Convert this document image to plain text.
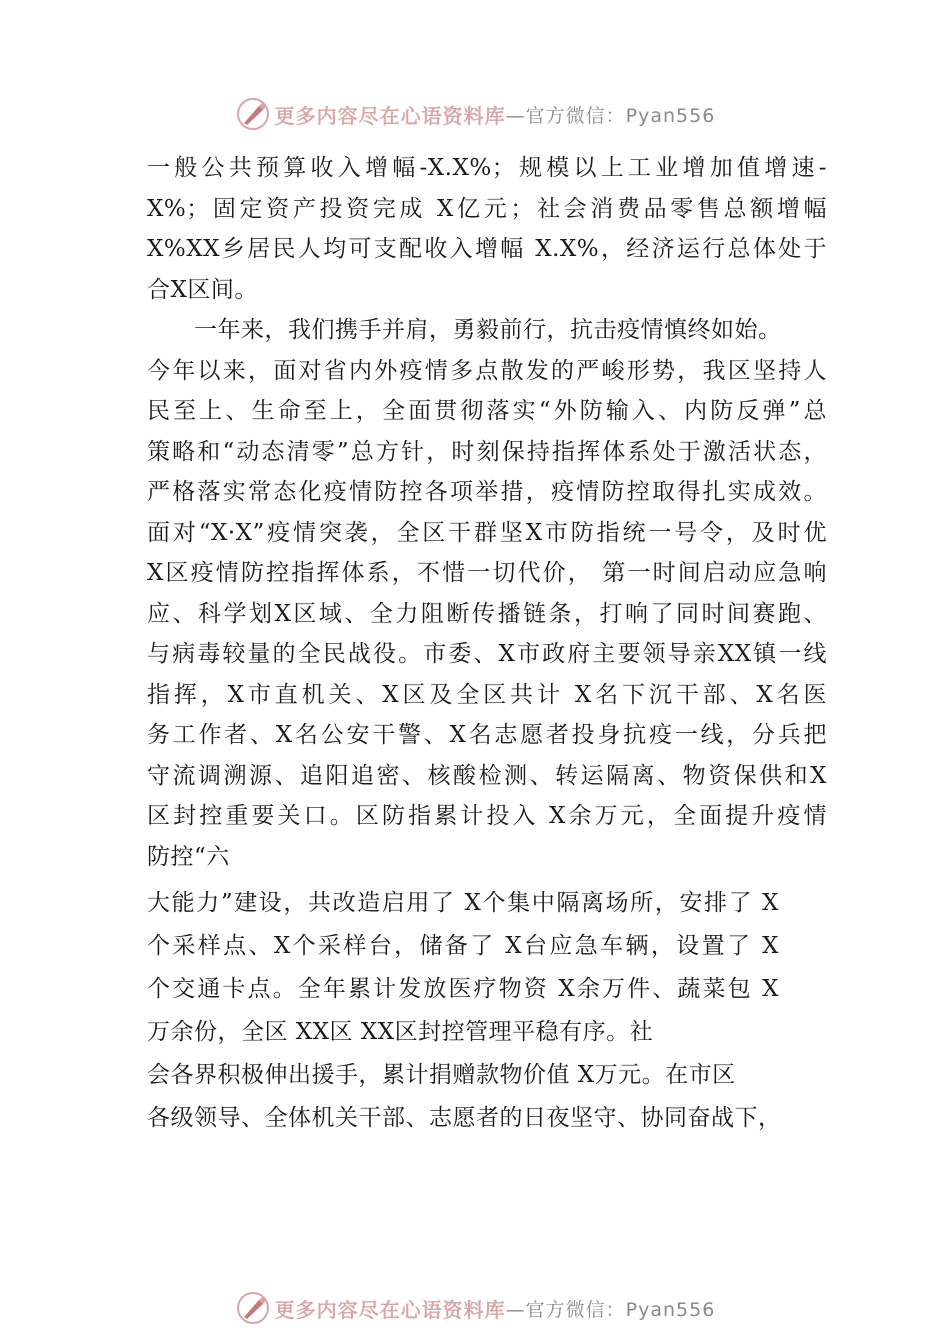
更多内容尽在心语资料库 —官方微信：Pyan556
一般公共预算收入增幅-X.X%；规模以上工业增加值增速-
X%；固定资产投资完成 X亿元；社会消费品零售总额增幅
X%XX乡居民人均可支配收入增幅 X.X%，经济运行总体处于
合X区间。
　　一年来，我们携手并肩，勇毅前行，抗击疫情慎终如始。
今年以来，面对省内外疫情多点散发的严峻形势，我区坚持人
民至上、生命至上，全面贯彻落实“外防输入、内防反弹”总
策略和“动态清零”总方针，时刻保持指挥体系处于激活状态，
严格落实常态化疫情防控各项举措，疫情防控取得扎实成效。
面对“X·X”疫情突袭，全区干群坚X市防指统一号令，及时优
X区疫情防控指挥体系，不惜一切代价， 第一时间启动应急响
应、科学划X区域、全力阻断传播链条，打响了同时间赛跑、
与病毒较量的全民战役。市委、X市政府主要领导亲XX镇一线
指挥，X市直机关、X区及全区共计 X名下沉干部、X名医
务工作者、X名公安干警、X名志愿者投身抗疫一线，分兵把
守流调溯源、追阳追密、核酸检测、转运隔离、物资保供和X
区封控重要关口。区防指累计投入 X余万元，全面提升疫情
防控“六
大能力”建设，共改造启用了 X个集中隔离场所，安排了 X
个采样点、X个采样台，储备了 X台应急车辆，设置了 X
个交通卡点。全年累计发放医疗物资 X余万件、蔬菜包 X
万余份，全区 XX区 XX区封控管理平稳有序。社
会各界积极伸出援手，累计捐赠款物价值 X万元。在市区
各级领导、全体机关干部、志愿者的日夜坚守、协同奋战下，
更多内容尽在心语资料库 —官方微信：Pyan556
